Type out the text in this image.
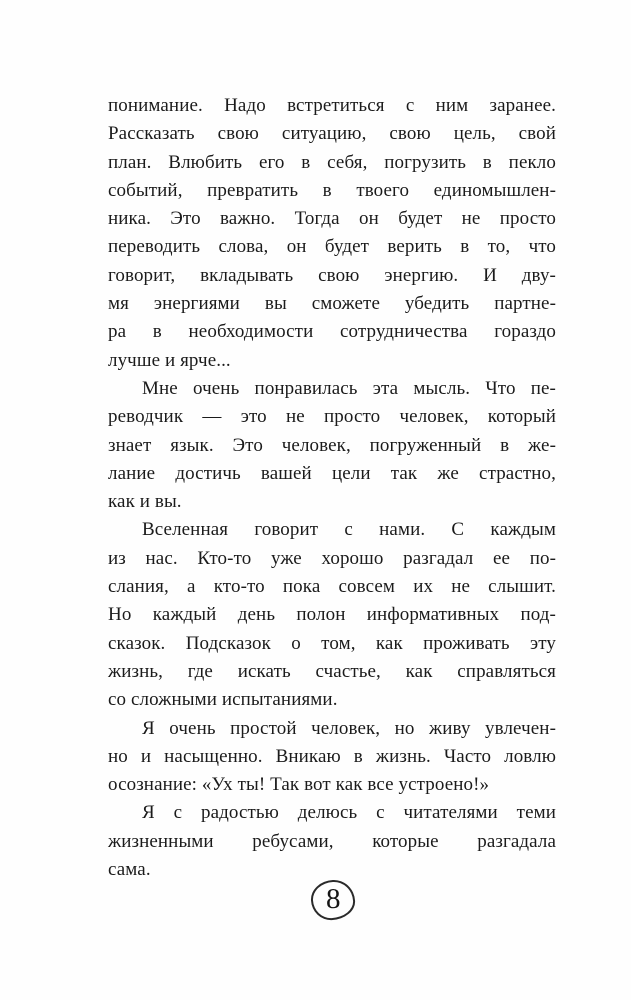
понимание. Надо встретиться с ним заранее.
Рассказать свою ситуацию, свою цель, свой
план. Влюбить его в себя, погрузить в пекло
событий, превратить в твоего единомышлен-
ника. Это важно. Тогда он будет не просто
переводить слова, он будет верить в то, что
говорит, вкладывать свою энергию. И дву-
мя энергиями вы сможете убедить партне-
ра в необходимости сотрудничества гораздо
лучше и ярче...
Мне очень понравилась эта мысль. Что пе-
реводчик — это не просто человек, который
знает язык. Это человек, погруженный в же-
лание достичь вашей цели так же страстно,
как и вы.
Вселенная говорит с нами. С каждым
из нас. Кто-то уже хорошо разгадал ее по-
слания, а кто-то пока совсем их не слышит.
Но каждый день полон информативных под-
сказок. Подсказок о том, как проживать эту
жизнь, где искать счастье, как справляться
со сложными испытаниями.
Я очень простой человек, но живу увлечен-
но и насыщенно. Вникаю в жизнь. Часто ловлю
осознание: «Ух ты! Так вот как все устроено!»
Я с радостью делюсь с читателями теми
жизненными ребусами, которые разгадала
сама.
8
